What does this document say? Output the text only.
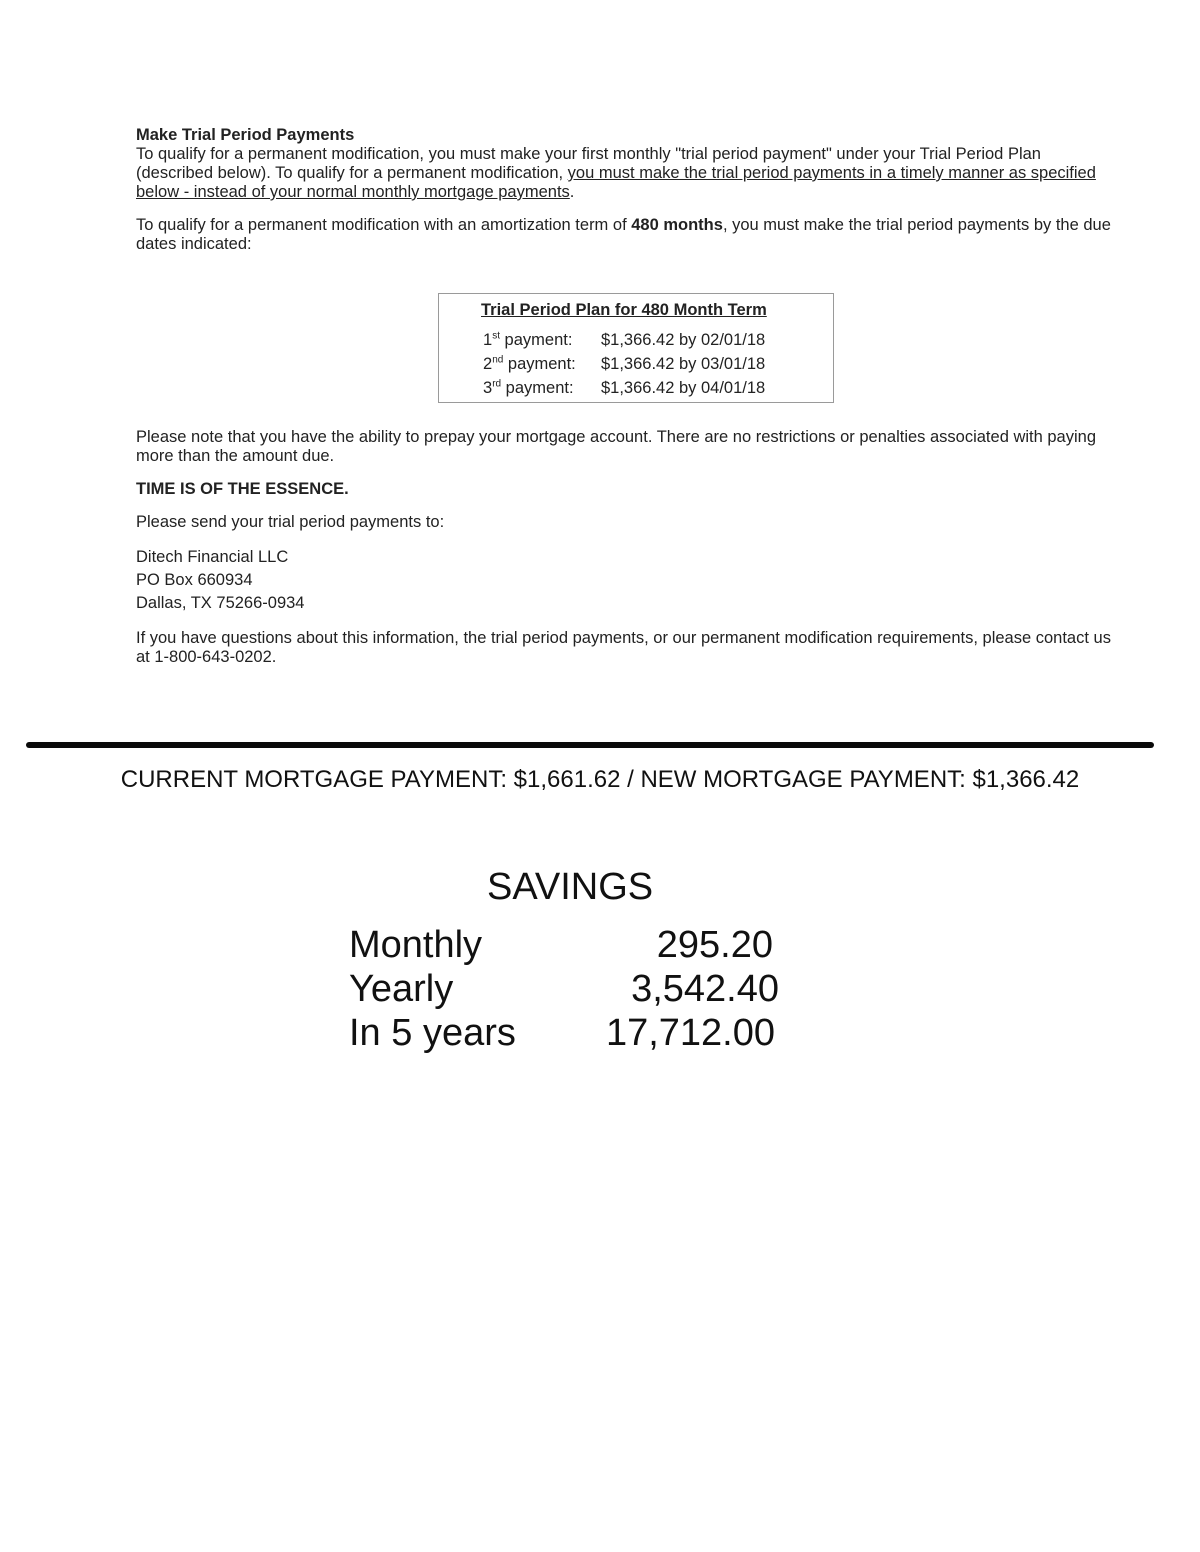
Make Trial Period Payments

To qualify for a permanent modification, you must make your first monthly "trial period payment" under your Trial Period Plan (described below). To qualify for a permanent modification, you must make the trial period payments in a timely manner as specified below - instead of your normal monthly mortgage payments.

To qualify for a permanent modification with an amortization term of 480 months, you must make the trial period payments by the due dates indicated:

Trial Period Plan for 480 Month Term
1st payment: $1,366.42 by 02/01/18
2nd payment: $1,366.42 by 03/01/18
3rd payment: $1,366.42 by 04/01/18

Please note that you have the ability to prepay your mortgage account. There are no restrictions or penalties associated with paying more than the amount due.

TIME IS OF THE ESSENCE.

Please send your trial period payments to:

Ditech Financial LLC
PO Box 660934
Dallas, TX 75266-0934

If you have questions about this information, the trial period payments, or our permanent modification requirements, please contact us at 1-800-643-0202.

CURRENT MORTGAGE PAYMENT: $1,661.62 / NEW MORTGAGE PAYMENT: $1,366.42
SAVINGS
Monthly	295.20
Yearly	3,542.40
In 5 years 17,712.00
